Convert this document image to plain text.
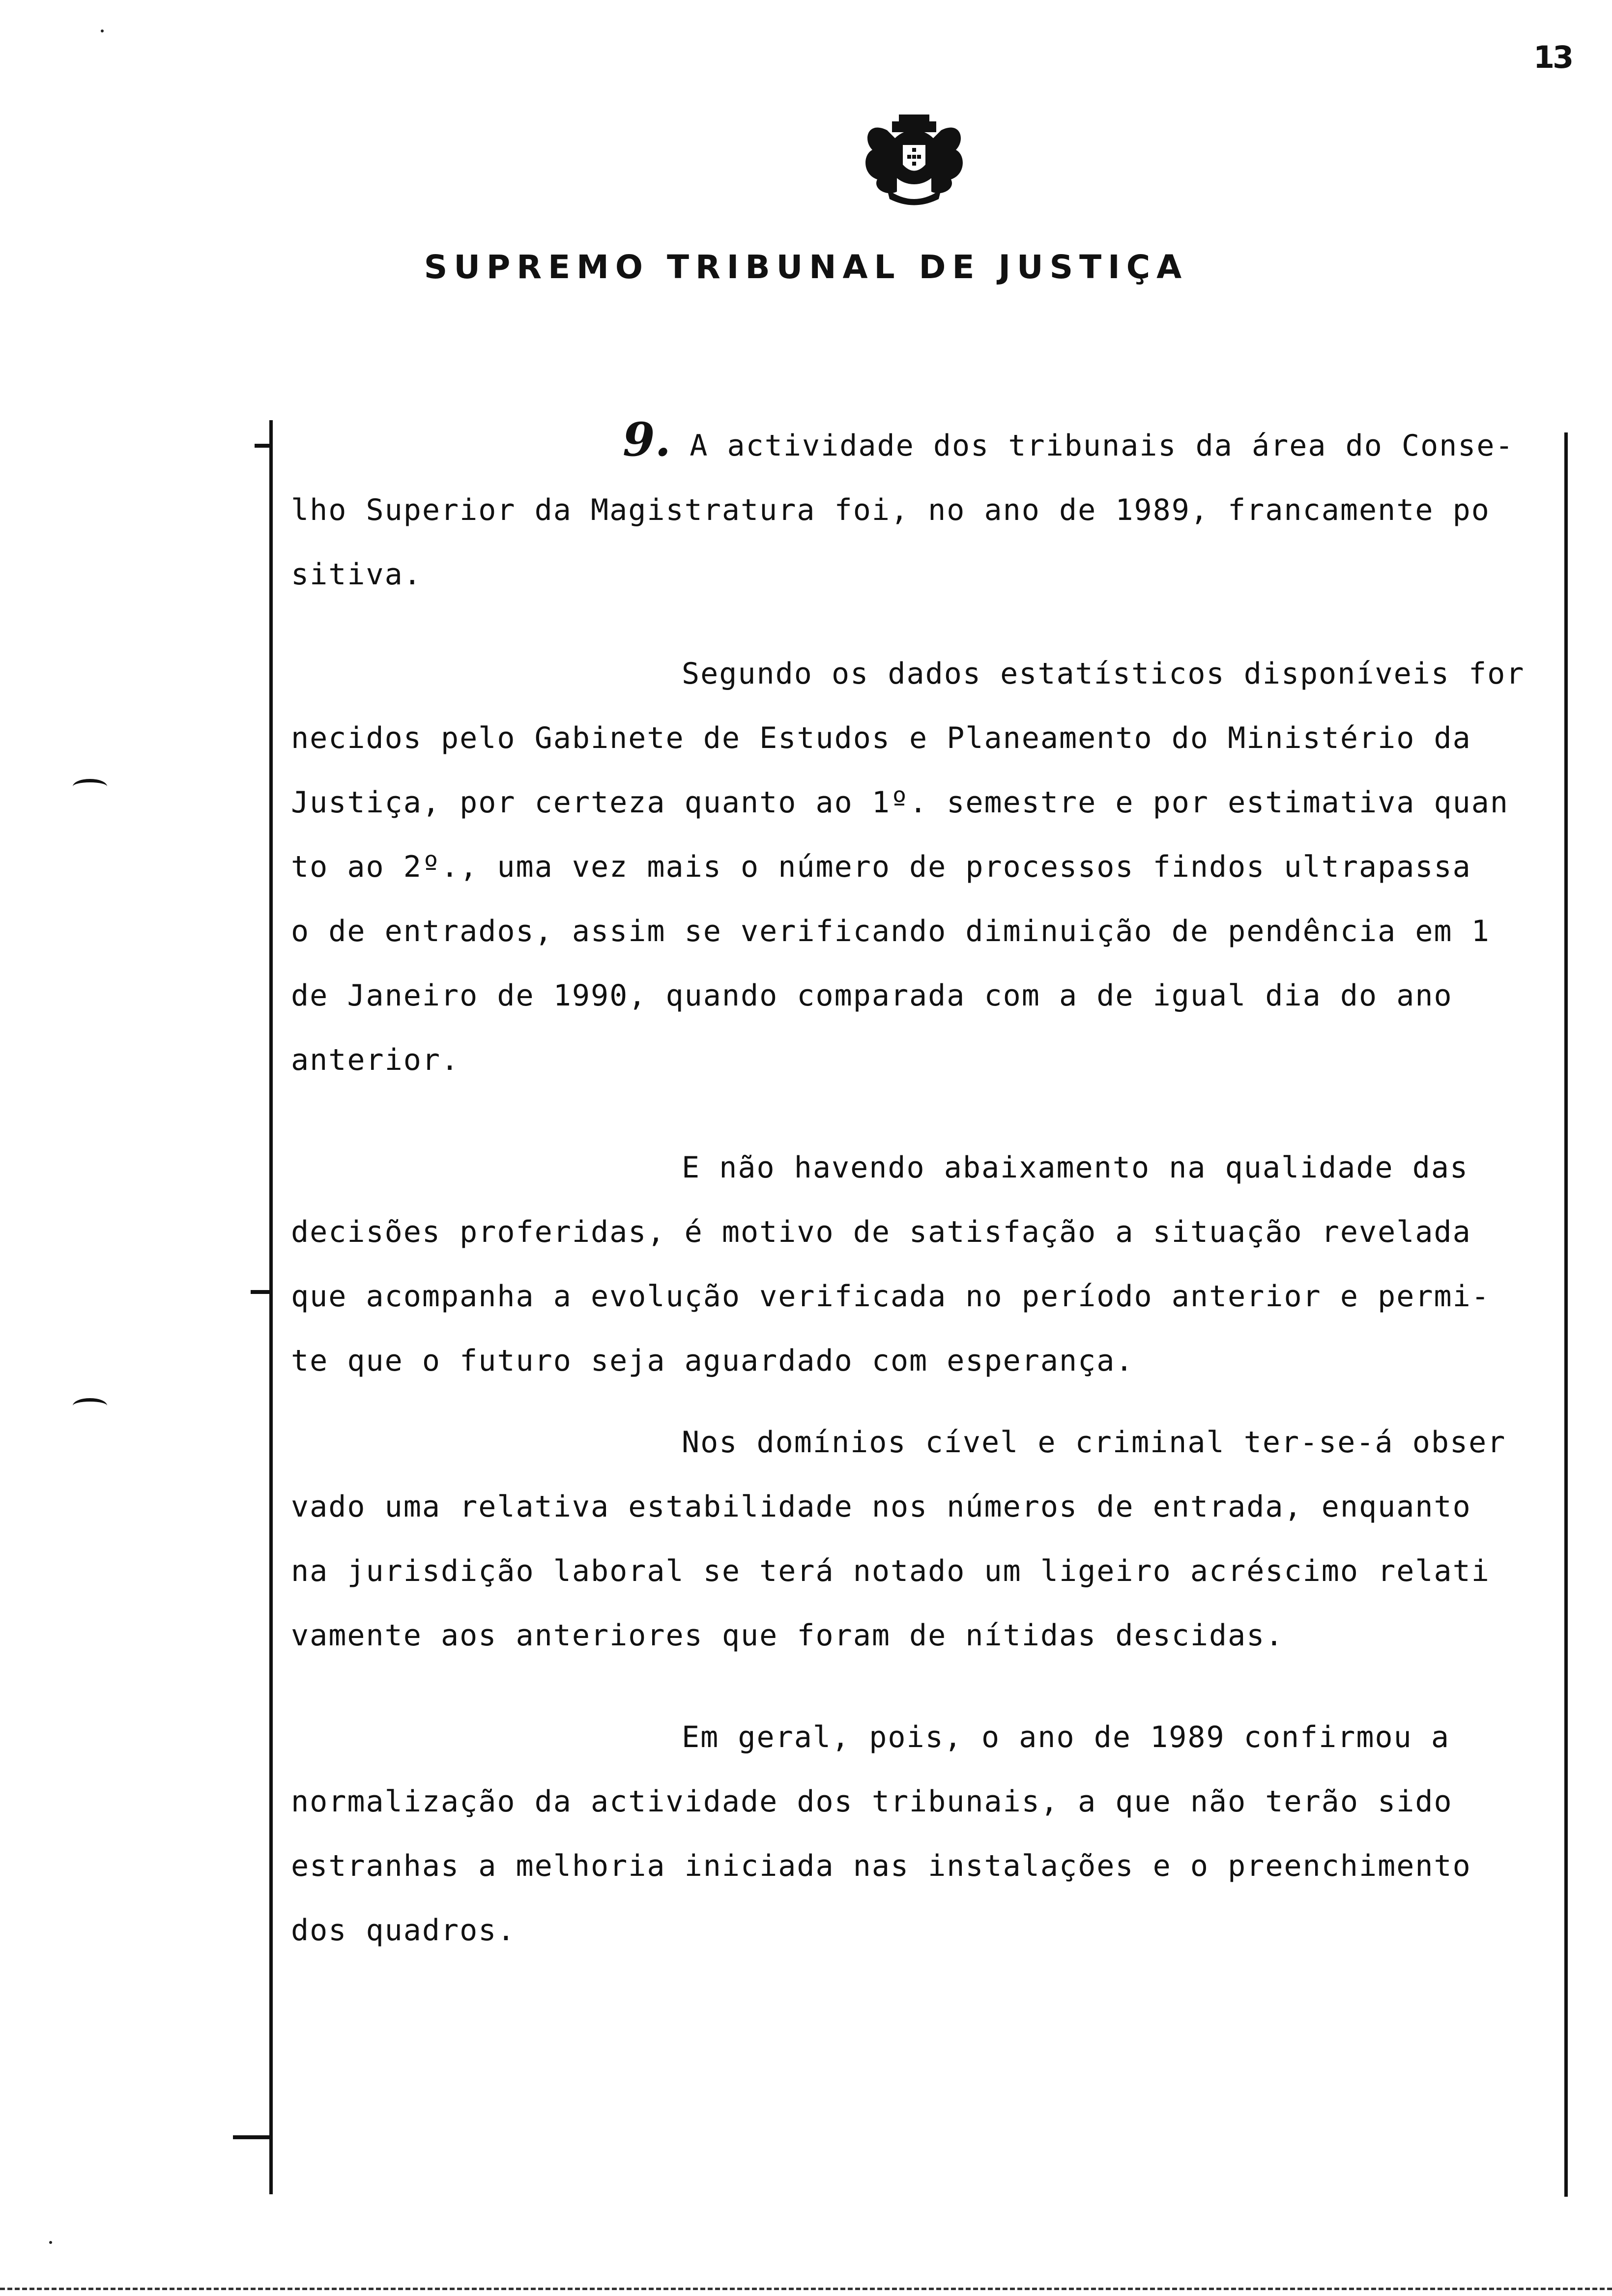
13
SUPREMO TRIBUNAL DE JUSTIÇA

9. A actividade dos tribunais da área do Conse-

lho Superior da Magistratura foi, no ano de 1989, francamente po

sitiva.

Segundo os dados estatísticos disponíveis for

necidos pelo Gabinete de Estudos e Planeamento do Ministério da

Justiça, por certeza quanto ao 1º. semestre e por estimativa quan

to ao 2º., uma vez mais o número de processos findos ultrapassa

o de entrados, assim se verificando diminuição de pendência em 1

de Janeiro de 1990, quando comparada com a de igual dia do ano

anterior.

E não havendo abaixamento na qualidade das

decisões proferidas, é motivo de satisfação a situação revelada

que acompanha a evolução verificada no período anterior e permi-

te que o futuro seja aguardado com esperança.

Nos domínios cível e criminal ter-se-á obser

vado uma relativa estabilidade nos números de entrada, enquanto

na jurisdição laboral se terá notado um ligeiro acréscimo relati

vamente aos anteriores que foram de nítidas descidas.

Em geral, pois, o ano de 1989 confirmou a

normalização da actividade dos tribunais, a que não terão sido

estranhas a melhoria iniciada nas instalações e o preenchimento

dos quadros.
